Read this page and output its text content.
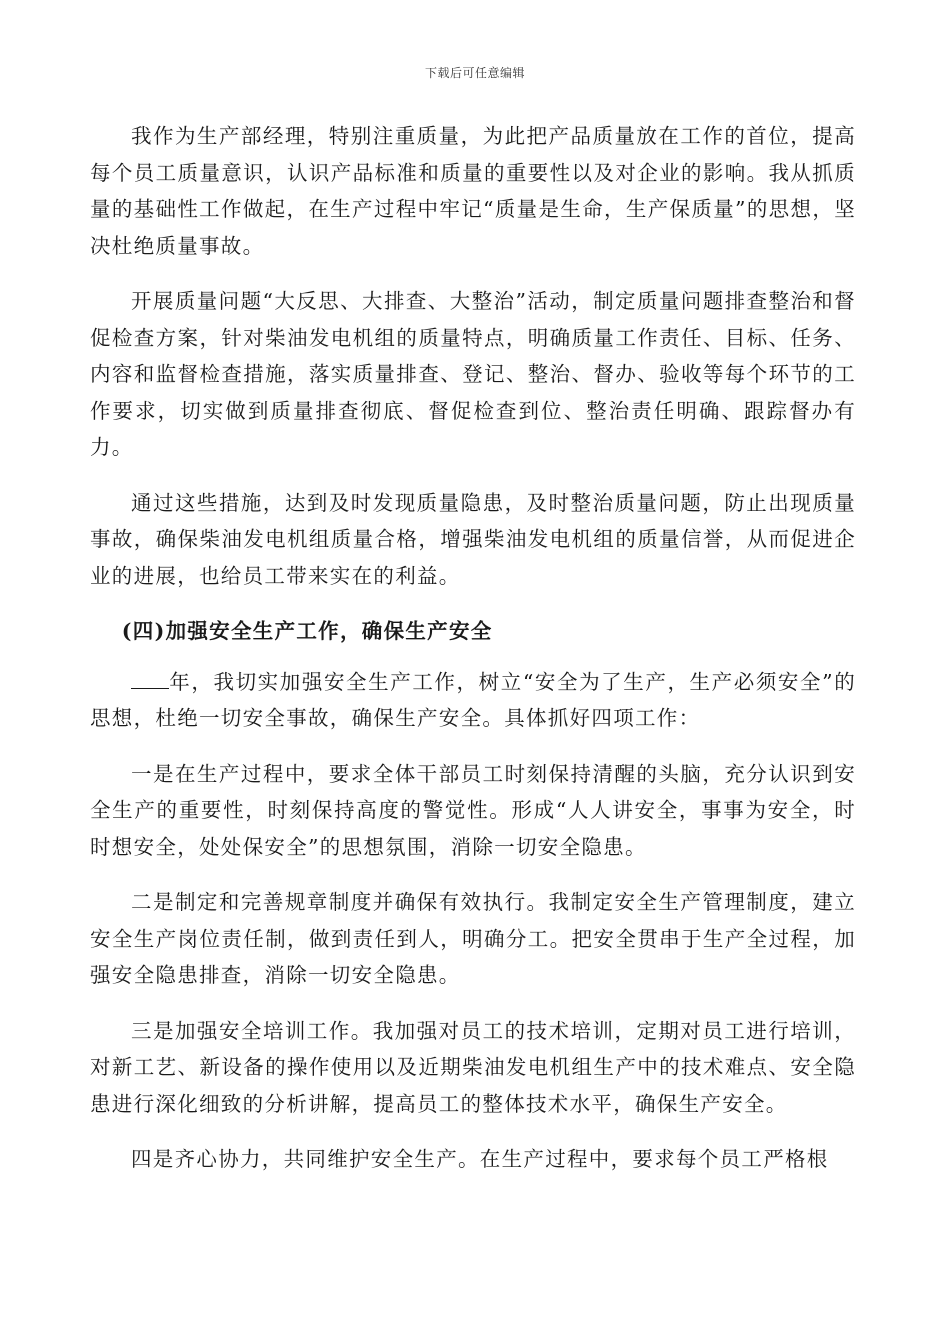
下载后可任意编辑

我作为生产部经理，特别注重质量，为此把产品质量放在工作的首位，提高每个员工质量意识，认识产品标准和质量的重要性以及对企业的影响。我从抓质量的基础性工作做起，在生产过程中牢记“质量是生命，生产保质量”的思想，坚决杜绝质量事故。

开展质量问题“大反思、大排查、大整治”活动，制定质量问题排查整治和督促检查方案，针对柴油发电机组的质量特点，明确质量工作责任、目标、任务、内容和监督检查措施，落实质量排查、登记、整治、督办、验收等每个环节的工作要求，切实做到质量排查彻底、督促检查到位、整治责任明确、跟踪督办有力。

通过这些措施，达到及时发现质量隐患，及时整治质量问题，防止出现质量事故，确保柴油发电机组质量合格，增强柴油发电机组的质量信誉，从而促进企业的进展，也给员工带来实在的利益。

(四)加强安全生产工作，确保生产安全

年，我切实加强安全生产工作，树立“安全为了生产，生产必须安全”的思想，杜绝一切安全事故，确保生产安全。具体抓好四项工作：

一是在生产过程中，要求全体干部员工时刻保持清醒的头脑，充分认识到安全生产的重要性，时刻保持高度的警觉性。形成“人人讲安全，事事为安全，时时想安全，处处保安全”的思想氛围，消除一切安全隐患。

二是制定和完善规章制度并确保有效执行。我制定安全生产管理制度，建立安全生产岗位责任制，做到责任到人，明确分工。把安全贯串于生产全过程，加强安全隐患排查，消除一切安全隐患。

三是加强安全培训工作。我加强对员工的技术培训，定期对员工进行培训，对新工艺、新设备的操作使用以及近期柴油发电机组生产中的技术难点、安全隐患进行深化细致的分析讲解，提高员工的整体技术水平，确保生产安全。

四是齐心协力，共同维护安全生产。在生产过程中，要求每个员工严格根
